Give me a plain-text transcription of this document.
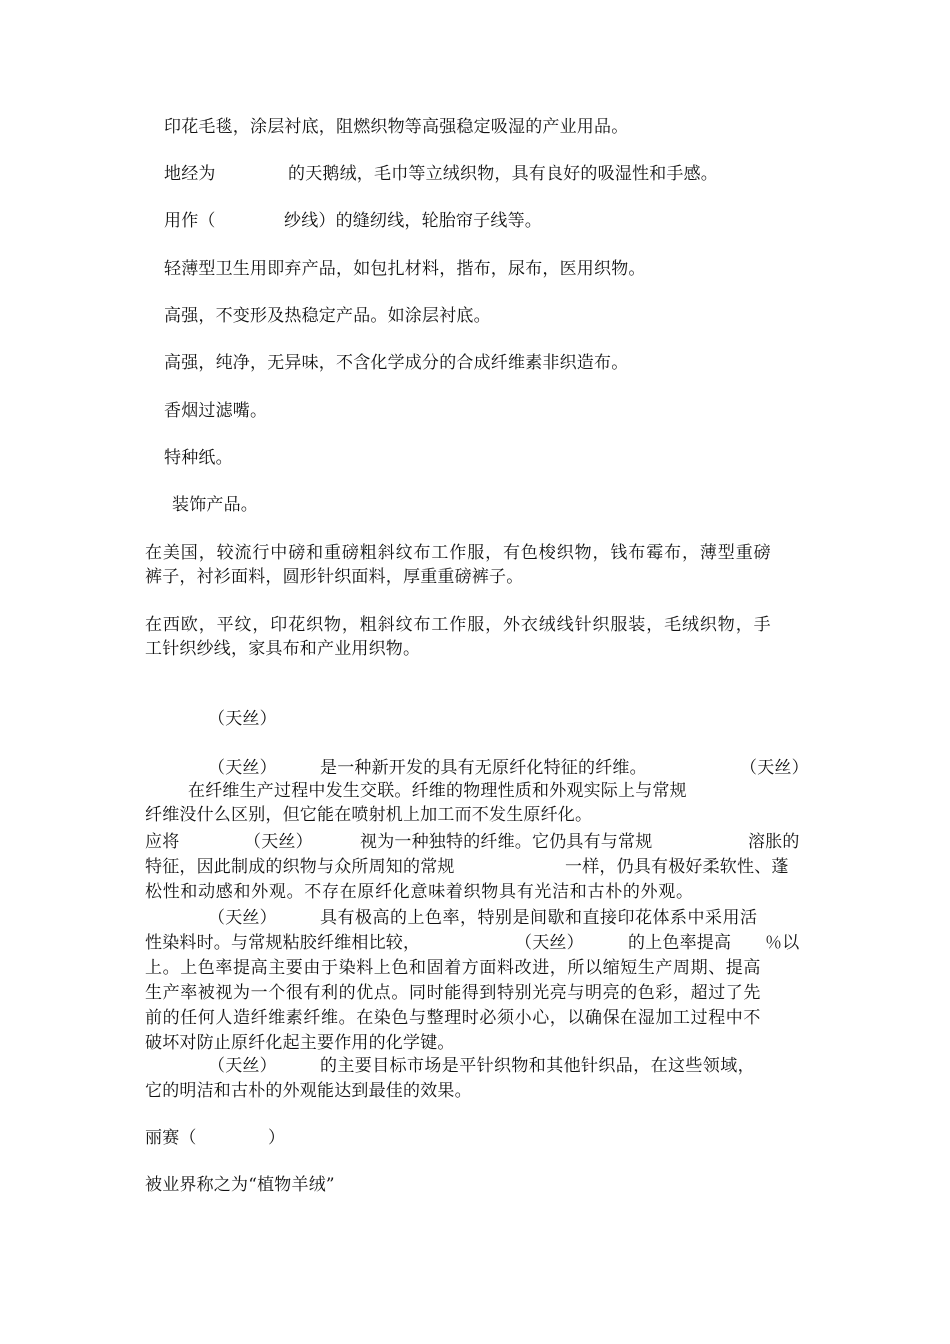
印花毛毯，涂层衬底，阻燃织物等高强稳定吸湿的产业用品。
地经为	的天鹅绒，毛巾等立绒织物，具有良好的吸湿性和手感。
用作（	纱线）的缝纫线，轮胎帘子线等。
轻薄型卫生用即弃产品，如包扎材料，揩布，尿布，医用织物。
高强，不变形及热稳定产品。如涂层衬底。
高强，纯净，无异味，不含化学成分的合成纤维素非织造布。
香烟过滤嘴。
特种纸。
装饰产品。
在美国，较流行中磅和重磅粗斜纹布工作服，有色梭织物，钱布霉布，薄型重磅
裤子，衬衫面料，圆形针织面料，厚重重磅裤子。
在西欧，平纹，印花织物，粗斜纹布工作服，外衣绒线针织服装，毛绒织物，手
工针织纱线，家具布和产业用织物。
（天丝）
（天丝）	是一种新开发的具有无原纤化特征的纤维。	（天丝）
在纤维生产过程中发生交联。纤维的物理性质和外观实际上与常规
纤维没什么区别，但它能在喷射机上加工而不发生原纤化。
应将	（天丝）	视为一种独特的纤维。它仍具有与常规	溶胀的
特征，因此制成的织物与众所周知的常规	一样，仍具有极好柔软性、蓬
松性和动感和外观。不存在原纤化意味着织物具有光洁和古朴的外观。
（天丝）	具有极高的上色率，特别是间歇和直接印花体系中采用活
性染料时。与常规粘胶纤维相比较，	（天丝）	的上色率提高 ％以
上。上色率提高主要由于染料上色和固着方面料改进，所以缩短生产周期、提高
生产率被视为一个很有利的优点。同时能得到特别光亮与明亮的色彩，超过了先
前的任何人造纤维素纤维。在染色与整理时必须小心，以确保在湿加工过程中不
破坏对防止原纤化起主要作用的化学键。
（天丝）	的主要目标市场是平针织物和其他针织品，在这些领域，
它的明洁和古朴的外观能达到最佳的效果。
丽赛（	）
被业界称之为“植物羊绒”
